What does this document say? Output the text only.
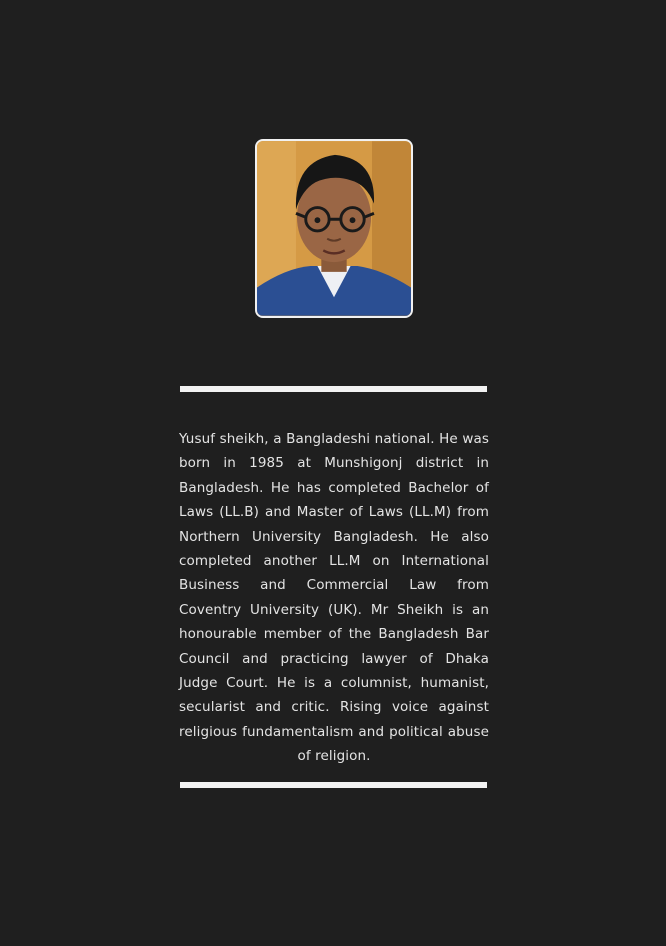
Yusuf sheikh, a Bangladeshi national. He was born in 1985 at Munshigonj district in Bangladesh. He has completed Bachelor of Laws (LL.B) and Master of Laws (LL.M) from Northern University Bangladesh. He also completed another LL.M on International Business and Commercial Law from Coventry University (UK). Mr Sheikh is an honourable member of the Bangladesh Bar Council and practicing lawyer of Dhaka Judge Court. He is a columnist, humanist, secularist and critic. Rising voice against religious fundamentalism and political abuse of religion.
